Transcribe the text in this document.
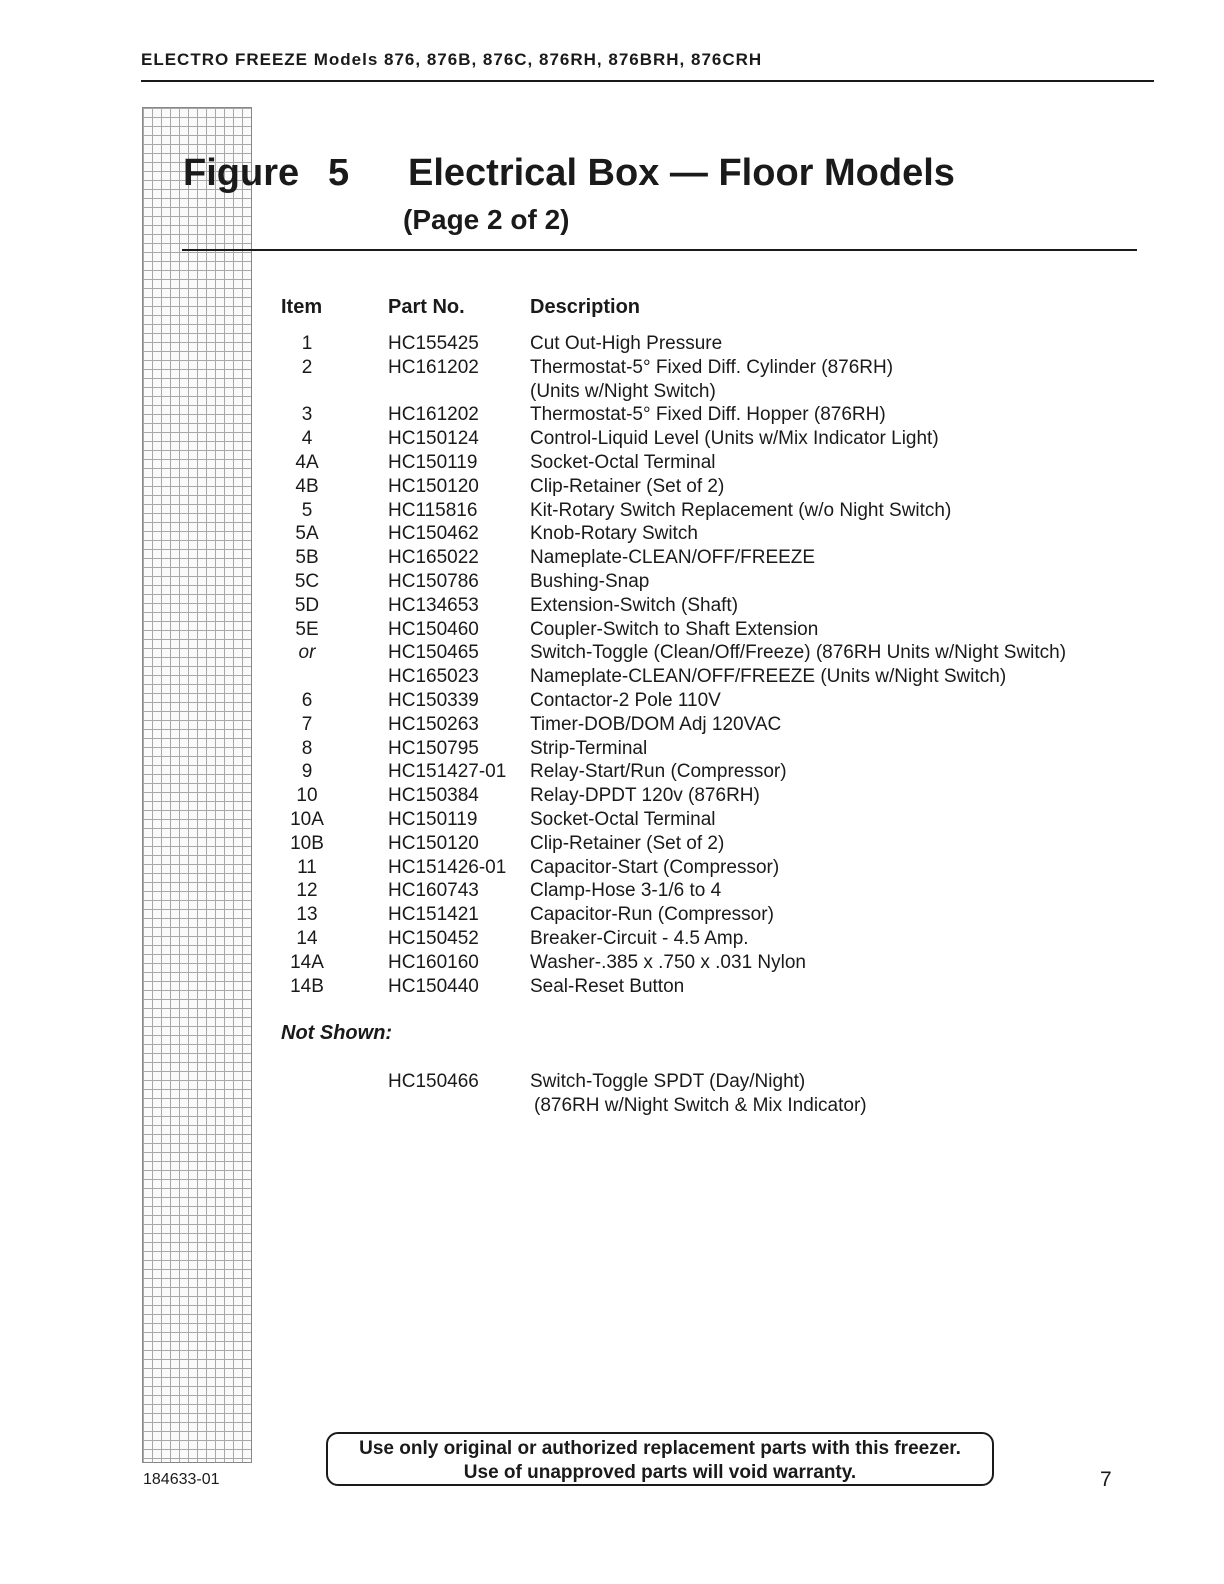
ELECTRO FREEZE Models 876, 876B, 876C, 876RH, 876BRH, 876CRH
Figure 5 Electrical Box — Floor Models
(Page 2 of 2)
Item	Part No.	Description
1	HC155425	Cut Out-High Pressure
2	HC161202	Thermostat-5° Fixed Diff. Cylinder (876RH)
(Units w/Night Switch)
3	HC161202	Thermostat-5° Fixed Diff. Hopper (876RH)
4	HC150124	Control-Liquid Level (Units w/Mix Indicator Light)
4A	HC150119	Socket-Octal Terminal
4B	HC150120	Clip-Retainer (Set of 2)
5	HC115816	Kit-Rotary Switch Replacement (w/o Night Switch)
5A	HC150462	Knob-Rotary Switch
5B	HC165022	Nameplate-CLEAN/OFF/FREEZE
5C	HC150786	Bushing-Snap
5D	HC134653	Extension-Switch (Shaft)
5E	HC150460	Coupler-Switch to Shaft Extension
or	HC150465	Switch-Toggle (Clean/Off/Freeze) (876RH Units w/Night Switch)
HC165023	Nameplate-CLEAN/OFF/FREEZE (Units w/Night Switch)
6	HC150339	Contactor-2 Pole 110V
7	HC150263	Timer-DOB/DOM Adj 120VAC
8	HC150795	Strip-Terminal
9	HC151427-01 Relay-Start/Run (Compressor)
10	HC150384	Relay-DPDT 120v (876RH)
10A	HC150119	Socket-Octal Terminal
10B	HC150120	Clip-Retainer (Set of 2)
11	HC151426-01 Capacitor-Start (Compressor)
12	HC160743	Clamp-Hose 3-1/6 to 4
13	HC151421	Capacitor-Run (Compressor)
14	HC150452	Breaker-Circuit - 4.5 Amp.
14A	HC160160	Washer-.385 x .750 x .031 Nylon
14B	HC150440	Seal-Reset Button
Not Shown:
HC150466	Switch-Toggle SPDT (Day/Night)
(876RH w/Night Switch & Mix Indicator)
Use only original or authorized replacement parts with this freezer.
Use of unapproved parts will void warranty.
184633-01	7
